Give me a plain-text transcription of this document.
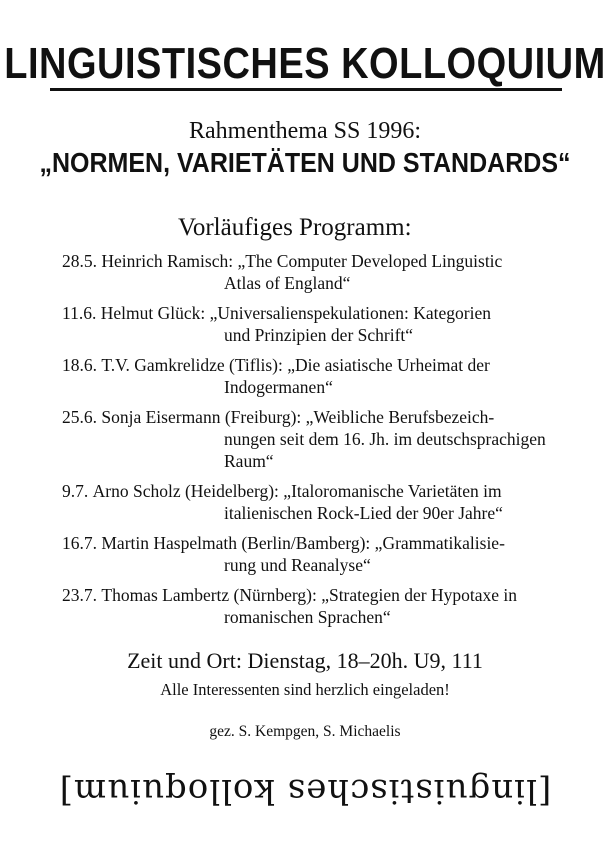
LINGUISTISCHES KOLLOQUIUM
Rahmenthema SS 1996:
„NORMEN, VARIETÄTEN UND STANDARDS“
Vorläufiges Programm:
28.5.
Heinrich Ramisch:
„The Computer Developed Linguistic
Atlas of England“
11.6.
Helmut Glück:
„Universalienspekulationen: Kategorien
und Prinzipien der Schrift“
18.6.
T.V. Gamkrelidze (Tiflis):
„Die asiatische Urheimat der
Indogermanen“
25.6.
Sonja Eisermann (Freiburg):
„Weibliche Berufsbezeich-
nungen seit dem 16. Jh. im deutschsprachigen
Raum“
9.7.
Arno Scholz (Heidelberg):
„Italoromanische Varietäten im
italienischen Rock-Lied der 90er Jahre“
16.7.
Martin Haspelmath (Berlin/Bamberg):
„Grammatikalisie-
rung und Reanalyse“
23.7.
Thomas Lambertz (Nürnberg):
„Strategien der Hypotaxe in
romanischen Sprachen“
Zeit und Ort: Dienstag, 18–20h. U9, 111
Alle Interessenten sind herzlich eingeladen!
gez. S. Kempgen, S. Michaelis
[linguistisches kolloquium]
